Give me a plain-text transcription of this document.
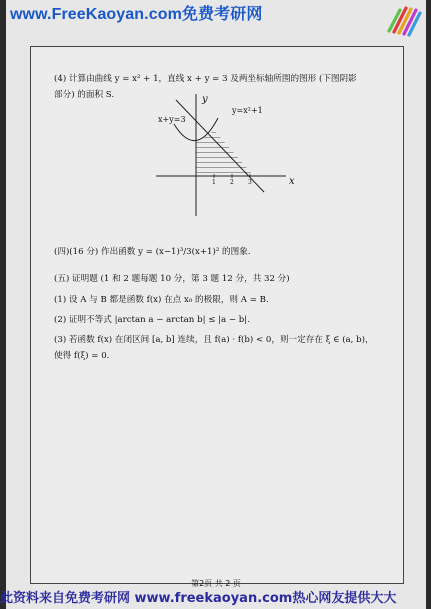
www.FreeKaoyan.com免费考研网
(4) 计算由曲线 y = x² + 1，直线 x + y = 3 及两坐标轴所围的图形 (下图阴影
部分) 的面积 S.
1 2 3
y
x
x+y=3
y=x²+1
(四)(16 分) 作出函数 y = (x−1)³/3(x+1)² 的图象.
(五) 证明题 (1 和 2 题每题 10 分，第 3 题 12 分，共 32 分)
(1) 设 A 与 B 都是函数 f(x) 在点 x₀ 的极限，则 A = B.
(2) 证明不等式 |arctan a − arctan b| ≤ |a − b|.
(3) 若函数 f(x) 在闭区间 [a, b] 连续，且 f(a) · f(b) < 0，则一定存在 ξ ∈ (a, b)，
使得 f(ξ) = 0.
第2页 共 2 页
此资料来自免费考研网 www.freekaoyan.com热心网友提供大大
